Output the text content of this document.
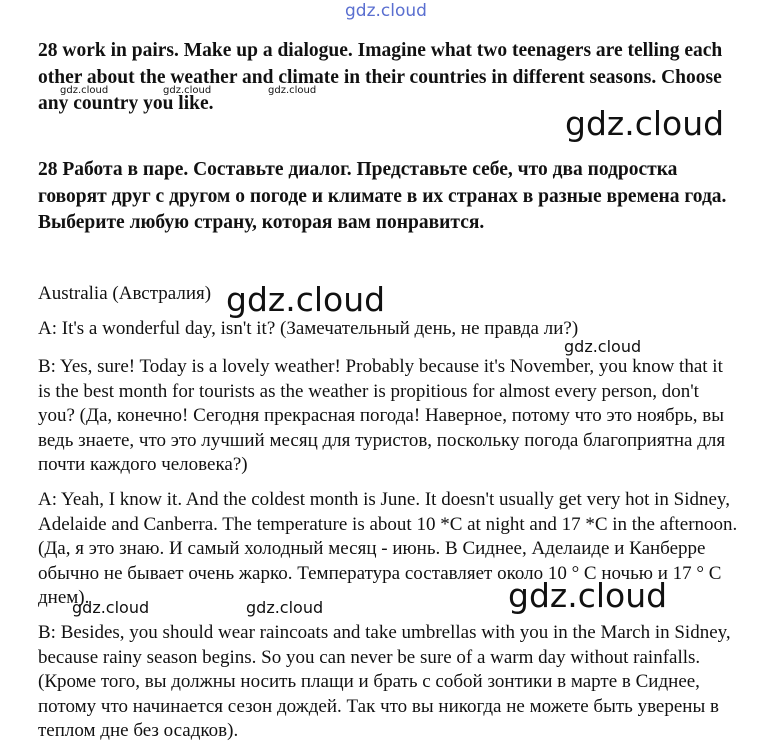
gdz.cloud
28 work in pairs. Make up a dialogue. Imagine what two teenagers are telling each other about the weather and climate in their countries in different seasons. Choose any country you like.
gdz.cloud	gdz.cloud	gdz.cloud
gdz.cloud
28 Работа в паре. Составьте диалог. Представьте себе, что два подростка говорят друг с другом о погоде и климате в их странах в разные времена года. Выберите любую страну, которая вам понравится.
Australia (Австралия) gdz.cloud
A: It's a wonderful day, isn't it? (Замечательный день, не правда ли?)
gdz.cloud
B: Yes, sure! Today is a lovely weather! Probably because it's November, you know that it is the best month for tourists as the weather is propitious for almost every person, don't you? (Да, конечно! Сегодня прекрасная погода! Наверное, потому что это ноябрь, вы ведь знаете, что это лучший месяц для туристов, поскольку погода благоприятна для почти каждого человека?)
A: Yeah, I know it. And the coldest month is June. It doesn't usually get very hot in Sidney, Adelaide and Canberra. The temperature is about 10 *C at night and 17 *C in the afternoon. (Да, я это знаю. И самый холодный месяц - июнь. В Сиднее, Аделаиде и Канберре обычно не бывает очень жарко. Температура составляет около 10 ° C ночью и 17 ° C днем).
gdz.cloud	gdz.cloud	gdz.cloud
B: Besides, you should wear raincoats and take umbrellas with you in the March in Sidney, because rainy season begins. So you can never be sure of a warm day without rainfalls. (Кроме того, вы должны носить плащи и брать с собой зонтики в марте в Сиднее, потому что начинается сезон дождей. Так что вы никогда не можете быть уверены в теплом дне без осадков).
